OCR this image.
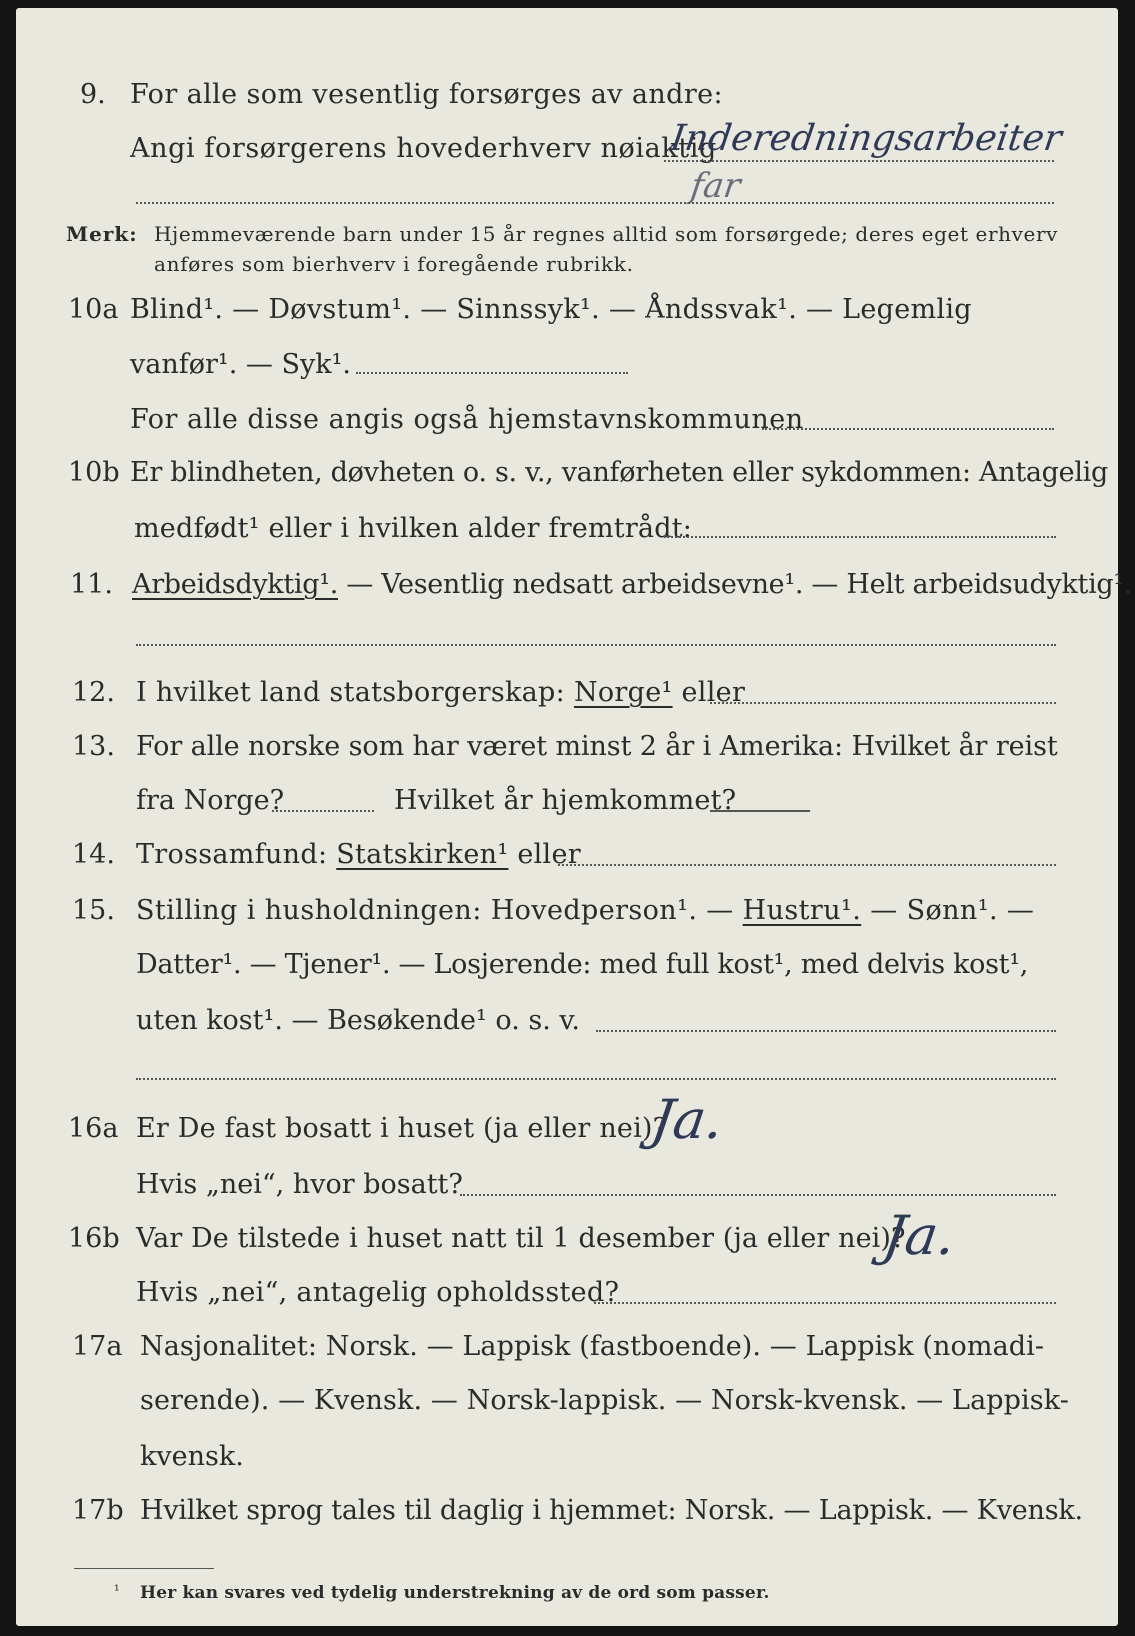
9. For alle som vesentlig forsørges av andre:
Angi forsørgerens hovederhverv nøiaktig
Inderedningsarbeiter
far
Merk: Hjemmeværende barn under 15 år regnes alltid som forsørgede; deres eget erhverv
anføres som bierhverv i foregående rubrikk.
10a Blind¹. — Døvstum¹. — Sinnssyk¹. — Åndssvak¹. — Legemlig
vanfør¹. — Syk¹.
For alle disse angis også hjemstavnskommunen
10b Er blindheten, døvheten o. s. v., vanførheten eller sykdommen: Antagelig
medfødt¹ eller i hvilken alder fremtrådt:
11. Arbeidsdyktig¹. — Vesentlig nedsatt arbeidsevne¹. — Helt arbeidsudyktig¹.
12. I hvilket land statsborgerskap: Norge¹ eller
13. For alle norske som har været minst 2 år i Amerika: Hvilket år reist
fra Norge?	Hvilket år hjemkommet?
14. Trossamfund: Statskirken¹ eller
15. Stilling i husholdningen: Hovedperson¹. — Hustru¹. — Sønn¹. —
Datter¹. — Tjener¹. — Losjerende: med full kost¹, med delvis kost¹,
uten kost¹. — Besøkende¹ o. s. v.
16a Er De fast bosatt i huset (ja eller nei)?
Ja.
Hvis „nei“, hvor bosatt?
16b Var De tilstede i huset natt til 1 desember (ja eller nei)?
Ja.
Hvis „nei“, antagelig opholdssted?
17a Nasjonalitet: Norsk. — Lappisk (fastboende). — Lappisk (nomadi-
serende). — Kvensk. — Norsk-lappisk. — Norsk-kvensk. — Lappisk-
kvensk.
17b Hvilket sprog tales til daglig i hjemmet: Norsk. — Lappisk. — Kvensk.
¹ Her kan svares ved tydelig understrekning av de ord som passer.
